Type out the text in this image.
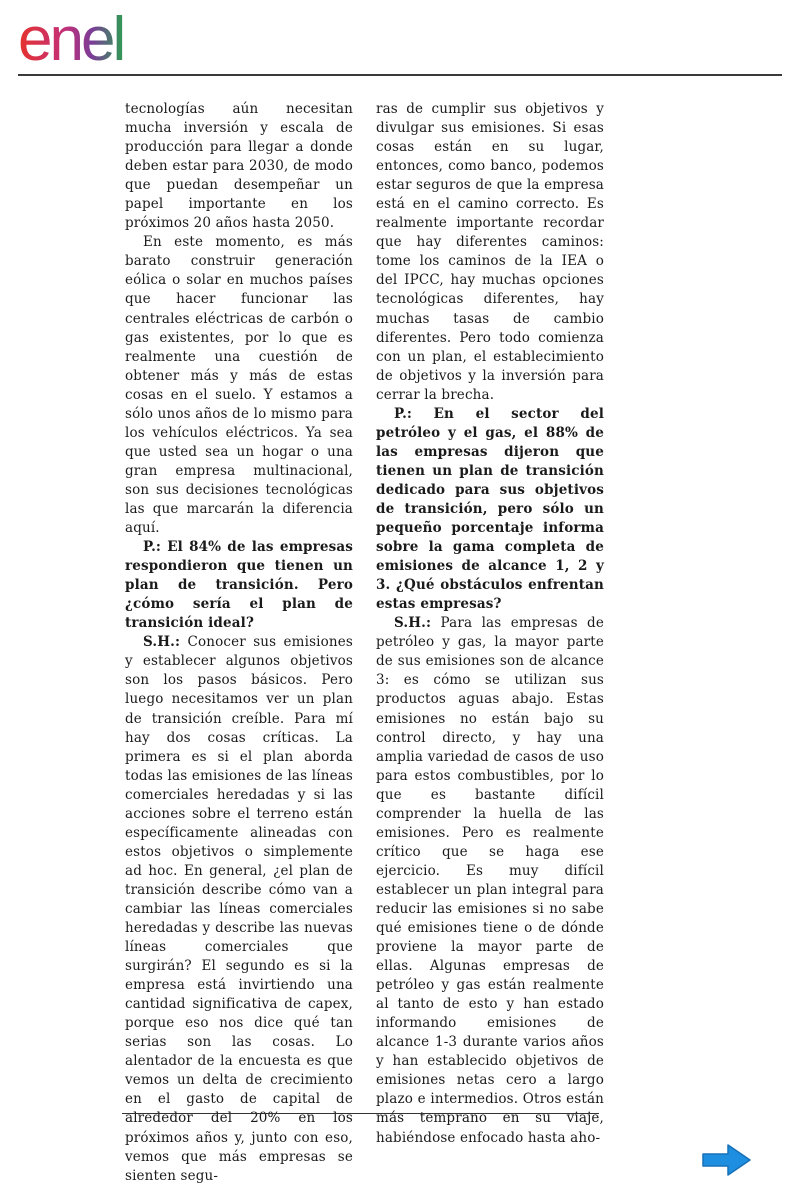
enel

tecnologías aún necesitan mucha inversión y escala de producción para llegar a donde deben estar para 2030, de modo que puedan desempeñar un papel importante en los próximos 20 años hasta 2050.

En este momento, es más barato construir generación eólica o solar en muchos países que hacer funcionar las centrales eléctricas de carbón o gas existentes, por lo que es realmente una cuestión de obtener más y más de estas cosas en el suelo. Y estamos a sólo unos años de lo mismo para los vehículos eléctricos. Ya sea que usted sea un hogar o una gran empresa multinacional, son sus decisiones tecnológicas las que marcarán la diferencia aquí.

P.: El 84% de las empresas respondieron que tienen un plan de transición. Pero ¿cómo sería el plan de transición ideal?

S.H.: Conocer sus emisiones y establecer algunos objetivos son los pasos básicos. Pero luego necesitamos ver un plan de transición creíble. Para mí hay dos cosas críticas. La primera es si el plan aborda todas las emisiones de las líneas comerciales heredadas y si las acciones sobre el terreno están específicamente alineadas con estos objetivos o simplemente ad hoc. En general, ¿el plan de transición describe cómo van a cambiar las líneas comerciales heredadas y describe las nuevas líneas comerciales que surgirán? El segundo es si la empresa está invirtiendo una cantidad significativa de capex, porque eso nos dice qué tan serias son las cosas. Lo alentador de la encuesta es que vemos un delta de crecimiento en el gasto de capital de alrededor del 20% en los próximos años y, junto con eso, vemos que más empresas se sienten segu-

ras de cumplir sus objetivos y divulgar sus emisiones. Si esas cosas están en su lugar, entonces, como banco, podemos estar seguros de que la empresa está en el camino correcto. Es realmente importante recordar que hay diferentes caminos: tome los caminos de la IEA o del IPCC, hay muchas opciones tecnológicas diferentes, hay muchas tasas de cambio diferentes. Pero todo comienza con un plan, el establecimiento de objetivos y la inversión para cerrar la brecha.

P.: En el sector del petróleo y el gas, el 88% de las empresas dijeron que tienen un plan de transición dedicado para sus objetivos de transición, pero sólo un pequeño porcentaje informa sobre la gama completa de emisiones de alcance 1, 2 y 3. ¿Qué obstáculos enfrentan estas empresas?

S.H.: Para las empresas de petróleo y gas, la mayor parte de sus emisiones son de alcance 3: es cómo se utilizan sus productos aguas abajo. Estas emisiones no están bajo su control directo, y hay una amplia variedad de casos de uso para estos combustibles, por lo que es bastante difícil comprender la huella de las emisiones. Pero es realmente crítico que se haga ese ejercicio. Es muy difícil establecer un plan integral para reducir las emisiones si no sabe qué emisiones tiene o de dónde proviene la mayor parte de ellas. Algunas empresas de petróleo y gas están realmente al tanto de esto y han estado informando emisiones de alcance 1-3 durante varios años y han establecido objetivos de emisiones netas cero a largo plazo e intermedios. Otros están más temprano en su viaje, habiéndose enfocado hasta aho-
